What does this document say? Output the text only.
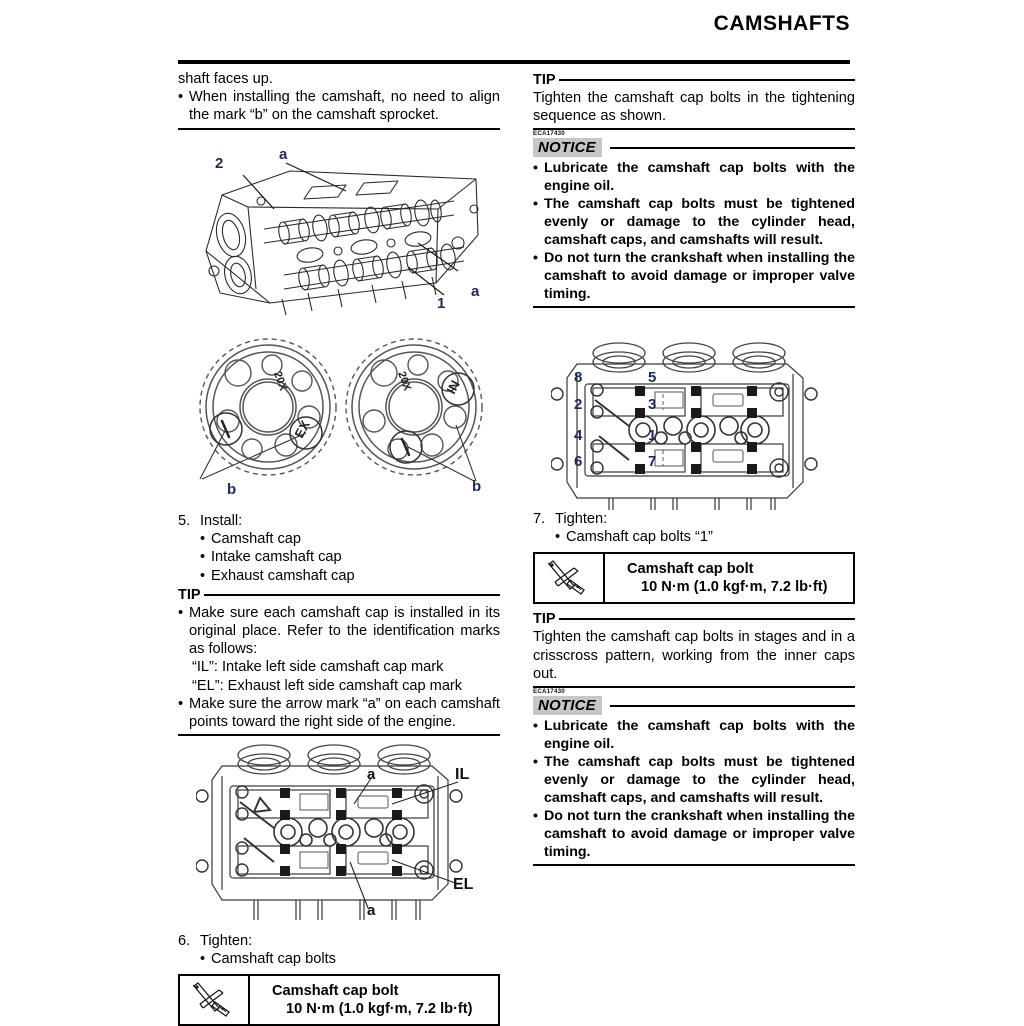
CAMSHAFTS
shaft faces up.
• When installing the camshaft, no need to align the mark “b” on the camshaft sprocket.
2
a
a
1
EX
20X	IN
20X
b	b
5. Install:
• Camshaft cap
• Intake camshaft cap
• Exhaust camshaft cap
TIP
• Make sure each camshaft cap is installed in its original place. Refer to the identification marks as follows:
“IL”: Intake left side camshaft cap mark
“EL”: Exhaust left side camshaft cap mark
• Make sure the arrow mark “a” on each camshaft points toward the right side of the engine.
a
a
IL
EL
6. Tighten:
• Camshaft cap bolts
Camshaft cap bolt
10 N·m (1.0 kgf·m, 7.2 lb·ft)
TIP
Tighten the camshaft cap bolts in the tightening sequence as shown.
ECA17430
NOTICE
• Lubricate the camshaft cap bolts with the engine oil.
• The camshaft cap bolts must be tightened evenly or damage to the cylinder head, camshaft caps, and camshafts will result.
• Do not turn the crankshaft when installing the camshaft to avoid damage or improper valve timing.
8
2
4
6
5
3
1
7
7. Tighten:
• Camshaft cap bolts “1”
Camshaft cap bolt
10 N·m (1.0 kgf·m, 7.2 lb·ft)
TIP
Tighten the camshaft cap bolts in stages and in a crisscross pattern, working from the inner caps out.
ECA17430
NOTICE
• Lubricate the camshaft cap bolts with the engine oil.
• The camshaft cap bolts must be tightened evenly or damage to the cylinder head, camshaft caps, and camshafts will result.
• Do not turn the crankshaft when installing the camshaft to avoid damage or improper valve timing.
